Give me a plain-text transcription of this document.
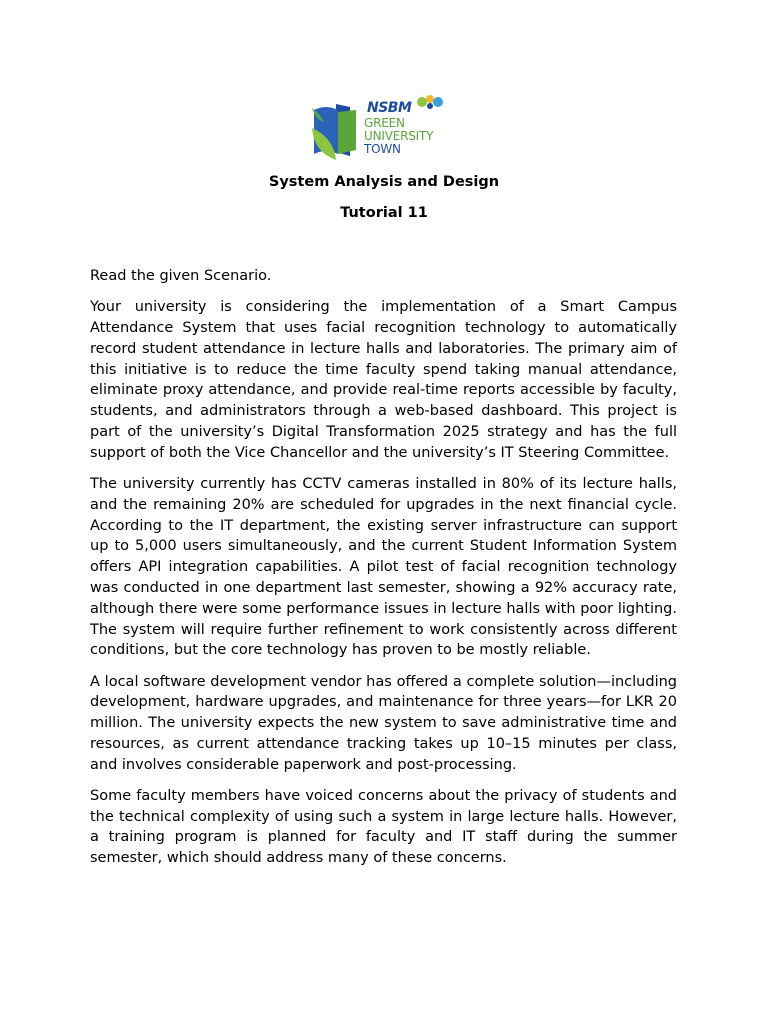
NSBM
GREEN
UNIVERSITY
TOWN
System Analysis and Design
Tutorial 11

Read the given Scenario.

Your university is considering the implementation of a Smart Campus Attendance System that uses facial recognition technology to automatically record student attendance in lecture halls and laboratories. The primary aim of this initiative is to reduce the time faculty spend taking manual attendance, eliminate proxy attendance, and provide real-time reports accessible by faculty, students, and administrators through a web-based dashboard. This project is part of the university’s Digital Transformation 2025 strategy and has the full support of both the Vice Chancellor and the university’s IT Steering Committee.

The university currently has CCTV cameras installed in 80% of its lecture halls, and the remaining 20% are scheduled for upgrades in the next financial cycle. According to the IT department, the existing server infrastructure can support up to 5,000 users simultaneously, and the current Student Information System offers API integration capabilities. A pilot test of facial recognition technology was conducted in one department last semester, showing a 92% accuracy rate, although there were some performance issues in lecture halls with poor lighting. The system will require further refinement to work consistently across different conditions, but the core technology has proven to be mostly reliable.

A local software development vendor has offered a complete solution—including development, hardware upgrades, and maintenance for three years—for LKR 20 million. The university expects the new system to save administrative time and resources, as current attendance tracking takes up 10–15 minutes per class, and involves considerable paperwork and post-processing.

Some faculty members have voiced concerns about the privacy of students and the technical complexity of using such a system in large lecture halls. However, a training program is planned for faculty and IT staff during the summer semester, which should address many of these concerns.
